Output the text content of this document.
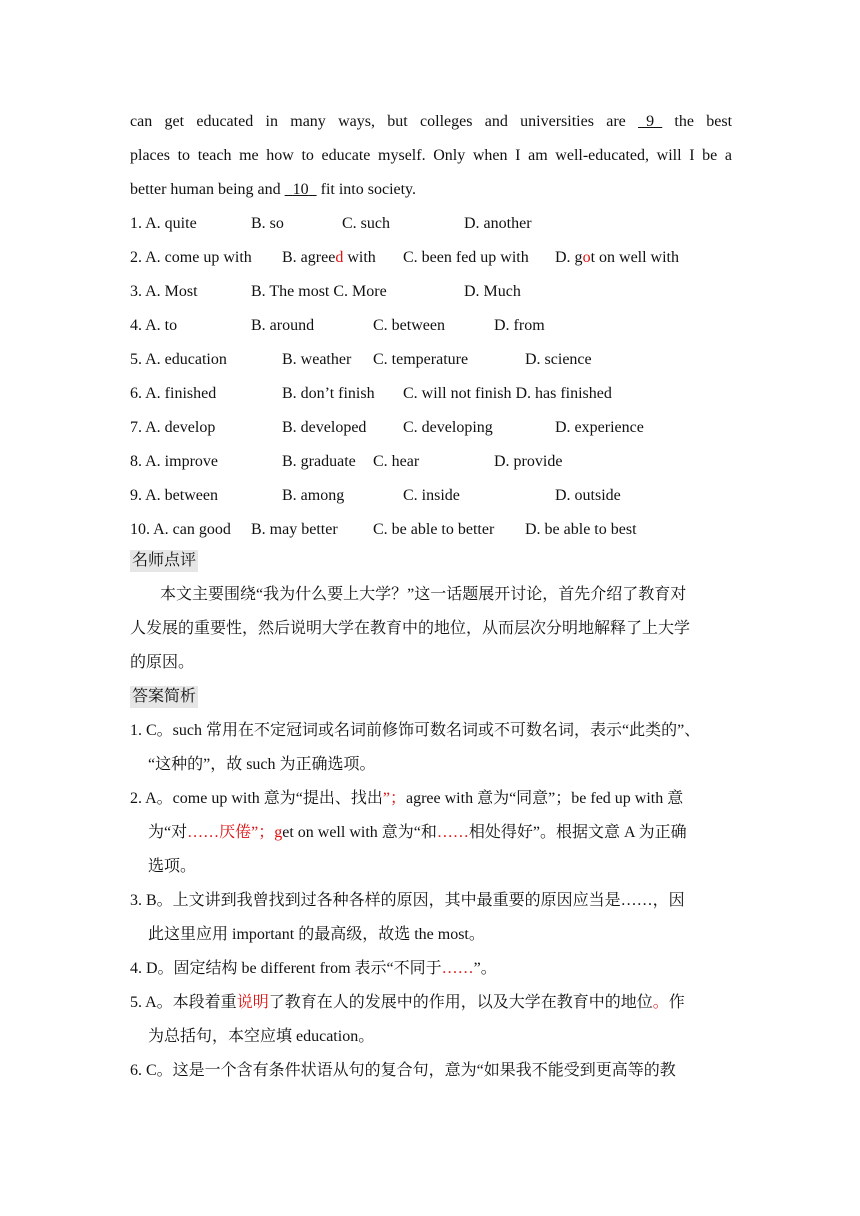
can get educated in many ways, but colleges and universities are _9_ the best
places to teach me how to educate myself. Only when I am well-educated, will I be a
better human being and 10 fit into society.
1. A. quite	B. so	C. such	D. another
2. A. come up with B. agreed with C. been fed up with D. got on well with
3. A. Most	B. The most C. More	D. Much
4. A. to	B. around	C. between	D. from
5. A. education	B. weather C. temperature	D. science
6. A. finished	B. don’t finish C. will not finish D. has finished
7. A. develop	B. developed C. developing	D. experience
8. A. improve	B. graduate C. hear	D. provide
9. A. between	B. among	C. inside	D. outside
10. A. can good B. may better C. be able to better D. be able to best
名师点评
本文主要围绕“我为什么要上大学？”这一话题展开讨论，首先介绍了教育对
人发展的重要性，然后说明大学在教育中的地位，从而层次分明地解释了上大学
的原因。
答案简析
1. C。such 常用在不定冠词或名词前修饰可数名词或不可数名词，表示“此类的”、
“这种的”，故 such 为正确选项。
2. A。come up with 意为“提出、找出”；agree with 意为“同意”；be fed up with 意
为“对……厌倦”；get on well with 意为“和……相处得好”。根据文意 A 为正确
选项。
3. B。上文讲到我曾找到过各种各样的原因，其中最重要的原因应当是……，因
此这里应用 important 的最高级，故选 the most。
4. D。固定结构 be different from 表示“不同于……”。
5. A。本段着重说明了教育在人的发展中的作用，以及大学在教育中的地位。作
为总括句，本空应填 education。
6. C。这是一个含有条件状语从句的复合句，意为“如果我不能受到更高等的教
